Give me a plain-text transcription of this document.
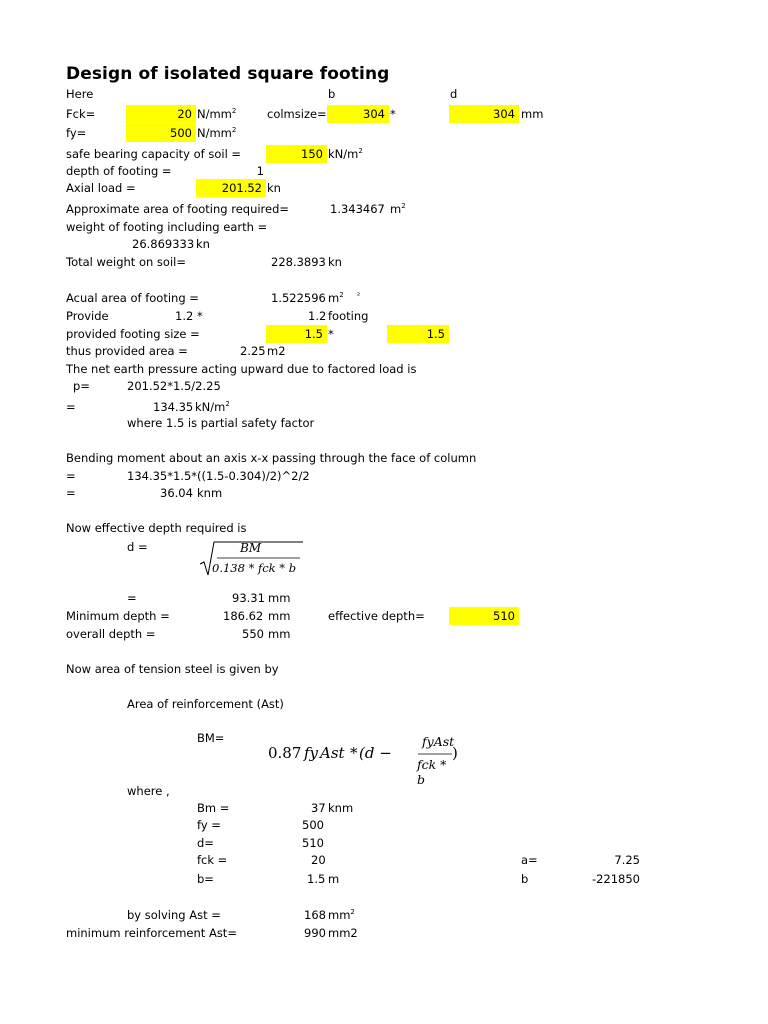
Design of isolated square footing
Here	b	d
Fck=	20 $N/mm^2$	colmsize=	304 *	304 mm
fy=	500 $N/mm^2$
safe bearing capacity of soil =	150 $kN/m^2$
depth of footing =	1
Axial load =	201.52 kn
Approximate area of footing required=	1.343467 $m^2$
weight of footing including earth =
26.869333 kn
Total weight on soil=	228.3893 kn
Acual area of footing =	1.522596 $m^2$ ²
Provide	1.2 *	1.2 footing
provided footing size =	1.5 *	1.5
thus provided area =	2.25 m2
The net earth pressure acting upward due to factored load is
p=	201.52*1.5/2.25
=	134.35 $kN/m^2$
where 1.5 is partial safety factor
Bending moment about an axis x-x passing through the face of column
=	134.35*1.5*((1.5-0.304)/2)^2/2
=	36.04 knm
Now effective depth required is
d =	BM
0.138 * fck * b
=	93.31 mm
Minimum depth =	186.62 mm	effective depth=	510
overall depth =	550 mm
Now area of tension steel is given by
Area of reinforcement (Ast)
BM=
0.87 fy Ast * (d −
fyAst
fck * b
)
where ,
Bm =	37 knm
fy =	500
d=	510
fck =	20	a=	7.25
b=	1.5 m	b	-221850
by solving Ast =	168 $mm^2$
minimum reinforcement Ast=	990 mm2
